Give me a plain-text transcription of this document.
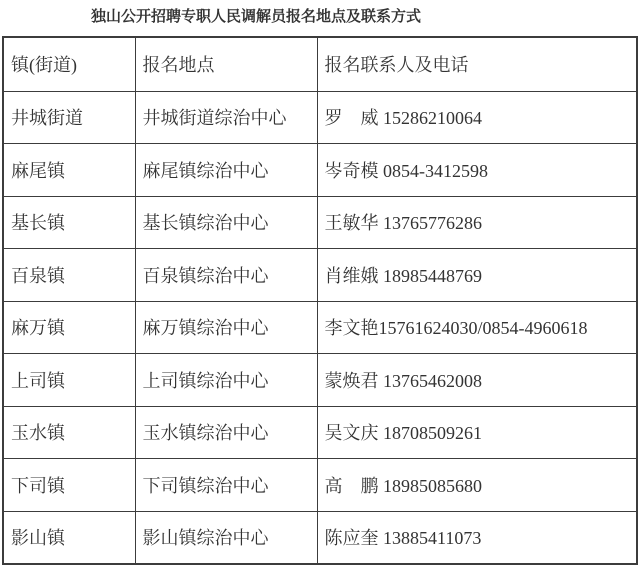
独山公开招聘专职人民调解员报名地点及联系方式
镇(街道)	报名地点	报名联系人及电话
井城街道	井城街道综治中心	罗　威 15286210064
麻尾镇	麻尾镇综治中心	岑奇模 0854-3412598
基长镇	基长镇综治中心	王敏华 13765776286
百泉镇	百泉镇综治中心	肖维娥 18985448769
麻万镇	麻万镇综治中心	李文艳15761624030/0854-4960618
上司镇	上司镇综治中心	蒙焕君 13765462008
玉水镇	玉水镇综治中心	吴文庆 18708509261
下司镇	下司镇综治中心	高　鹏 18985085680
影山镇	影山镇综治中心	陈应奎 13885411073
